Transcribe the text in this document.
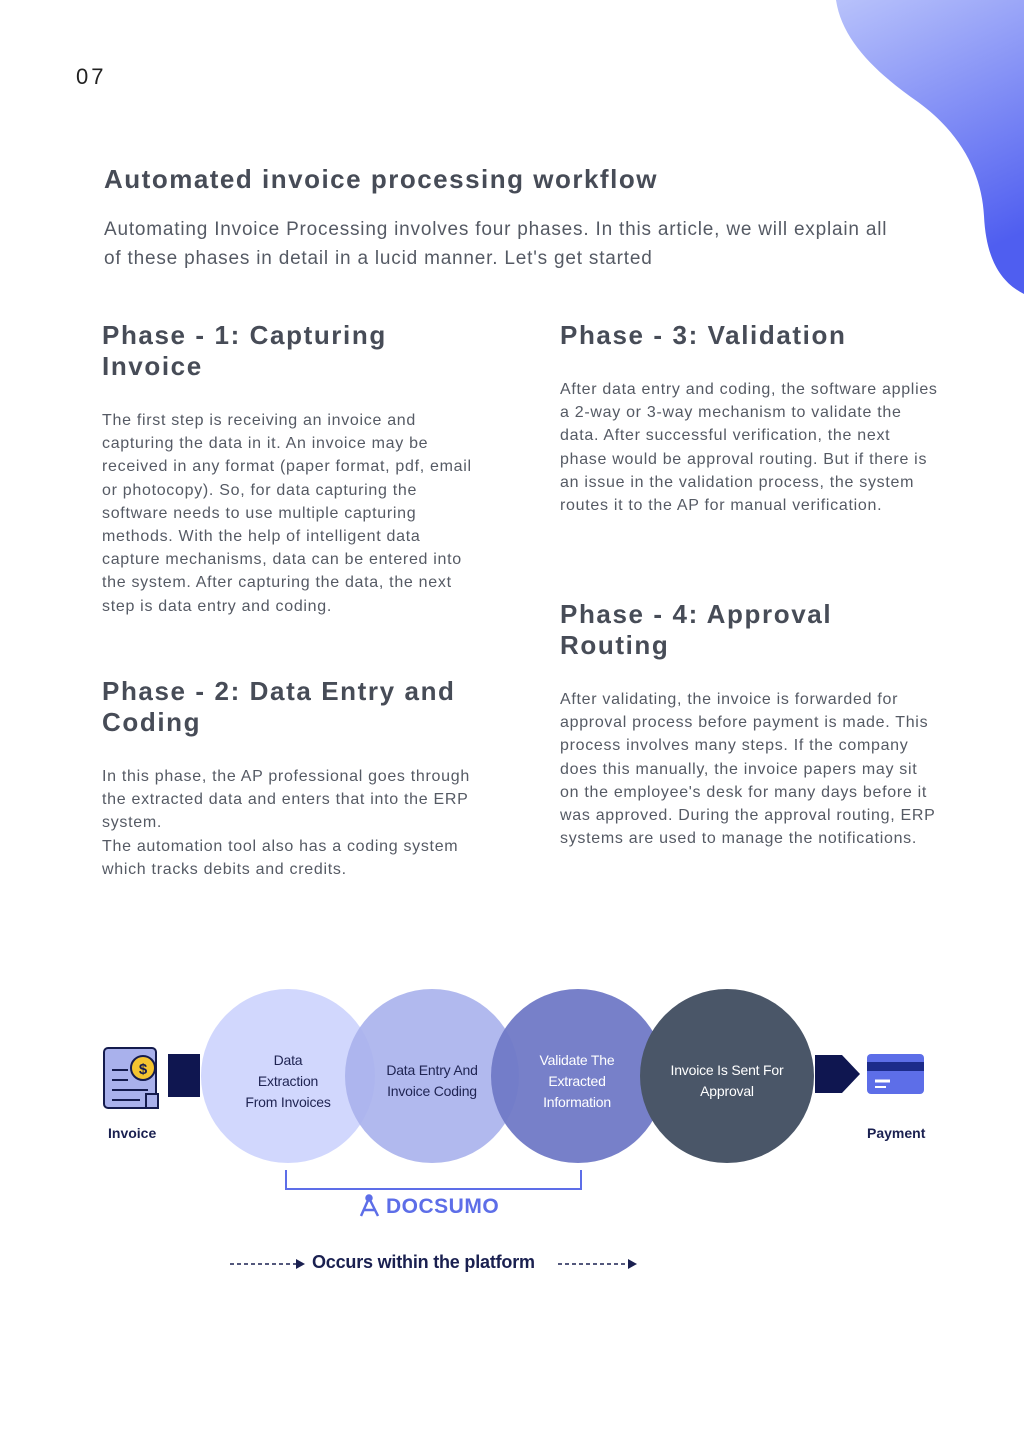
07
Automated invoice processing workflow

Automating Invoice Processing involves four phases. In this article, we will explain all of these phases in detail in a lucid manner. Let's get started

Phase - 1: Capturing Invoice

The first step is receiving an invoice and capturing the data in it. An invoice may be received in any format (paper format, pdf, email or photocopy). So, for data capturing the software needs to use multiple capturing methods. With the help of intelligent data capture mechanisms, data can be entered into the system. After capturing the data, the next step is data entry and coding.

Phase - 2: Data Entry and Coding

In this phase, the AP professional goes through the extracted data and enters that into the ERP system.
The automation tool also has a coding system which tracks debits and credits.

Phase - 3: Validation

After data entry and coding, the software applies a 2-way or 3-way mechanism to validate the data. After successful verification, the next phase would be approval routing. But if there is an issue in the validation process, the system routes it to the AP for manual verification.

Phase - 4: Approval Routing

After validating, the invoice is forwarded for approval process before payment is made. This process involves many steps. If the company does this manually, the invoice papers may sit on the employee's desk for many days before it was approved. During the approval routing, ERP systems are used to manage the notifications.

$
Data
Extraction
From Invoices
Data Entry And
Invoice Coding
Validate The
Extracted
Information
Invoice Is Sent For
Approval
Invoice	Payment
DOCSUMO
Occurs within the platform
